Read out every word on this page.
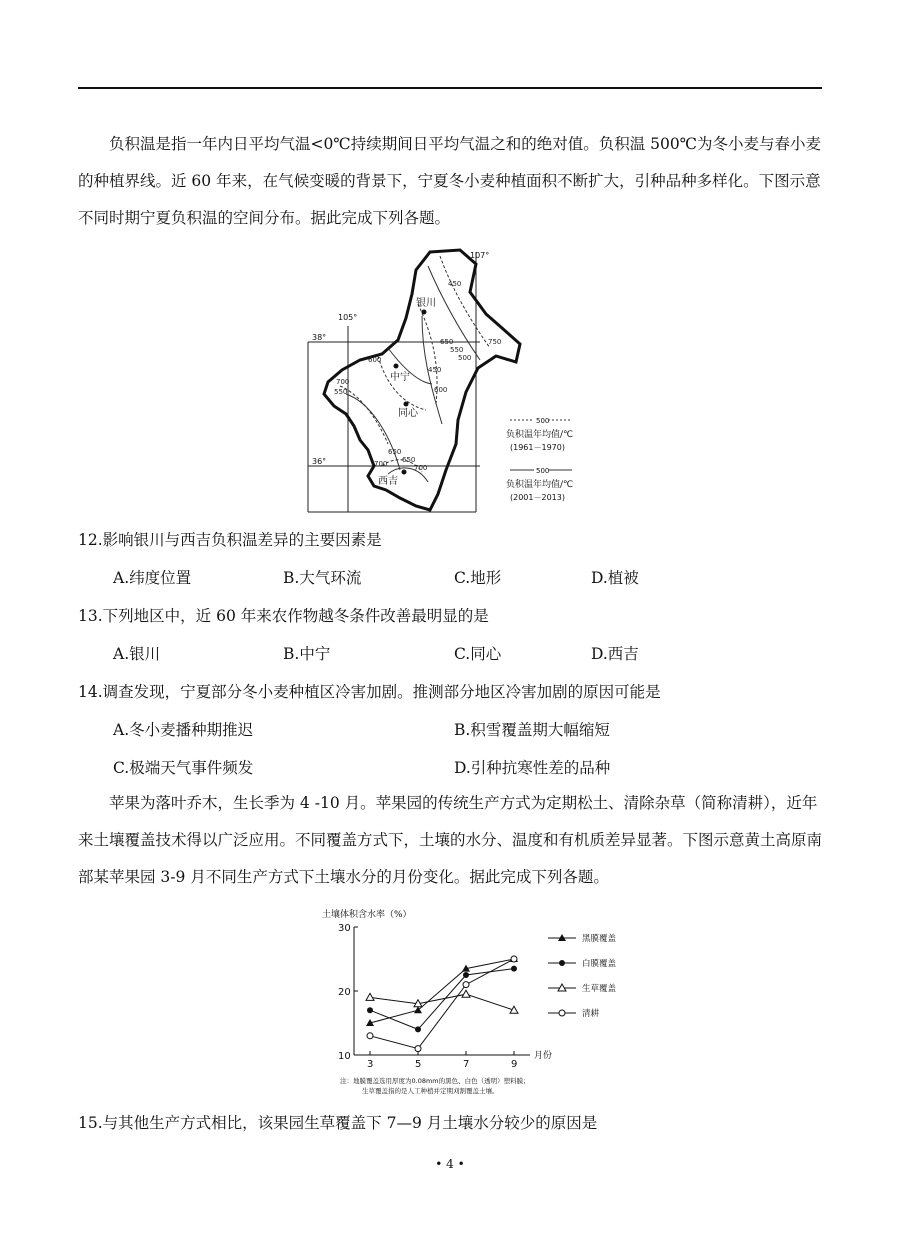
负积温是指一年内日平均气温<0℃持续期间日平均气温之和的绝对值。负积温 500℃为冬小麦与春小麦的种植界线。近 60 年来，在气候变暖的背景下，宁夏冬小麦种植面积不断扩大，引种品种多样化。下图示意不同时期宁夏负积温的空间分布。据此完成下列各题。

450
650	750
550
600
650
700
600	500
450
550
700
650
700
105°
107°
38°
36°
银川
中宁
同心
西吉
500
负积温年均值/℃
(1961－1970)
500
负积温年均值/℃
(2001－2013)

12.影响银川与西吉负积温差异的主要因素是

A.纬度位置	B.大气环流	C.地形	D.植被

13.下列地区中，近 60 年来农作物越冬条件改善最明显的是

A.银川	B.中宁	C.同心	D.西吉

14.调查发现，宁夏部分冬小麦种植区冷害加剧。推测部分地区冷害加剧的原因可能是

A.冬小麦播种期推迟	B.积雪覆盖期大幅缩短

C.极端天气事件频发	D.引种抗寒性差的品种

苹果为落叶乔木，生长季为 4 -10 月。苹果园的传统生产方式为定期松土、清除杂草（简称清耕），近年来土壤覆盖技术得以广泛应用。不同覆盖方式下，土壤的水分、温度和有机质差异显著。下图示意黄土高原南部某苹果园 3-9 月不同生产方式下土壤水分的月份变化。据此完成下列各题。

土壤体积含水率（%）
月份
10
20
30
3	5	7	9
黑膜覆盖
白膜覆盖
生草覆盖
清耕
注：地膜覆盖选用厚度为0.08mm的黑色、白色（透明）塑料膜；
生草覆盖指的是人工种植并定期刈割覆盖土壤。

15.与其他生产方式相比，该果园生草覆盖下 7—9 月土壤水分较少的原因是

• 4 •
